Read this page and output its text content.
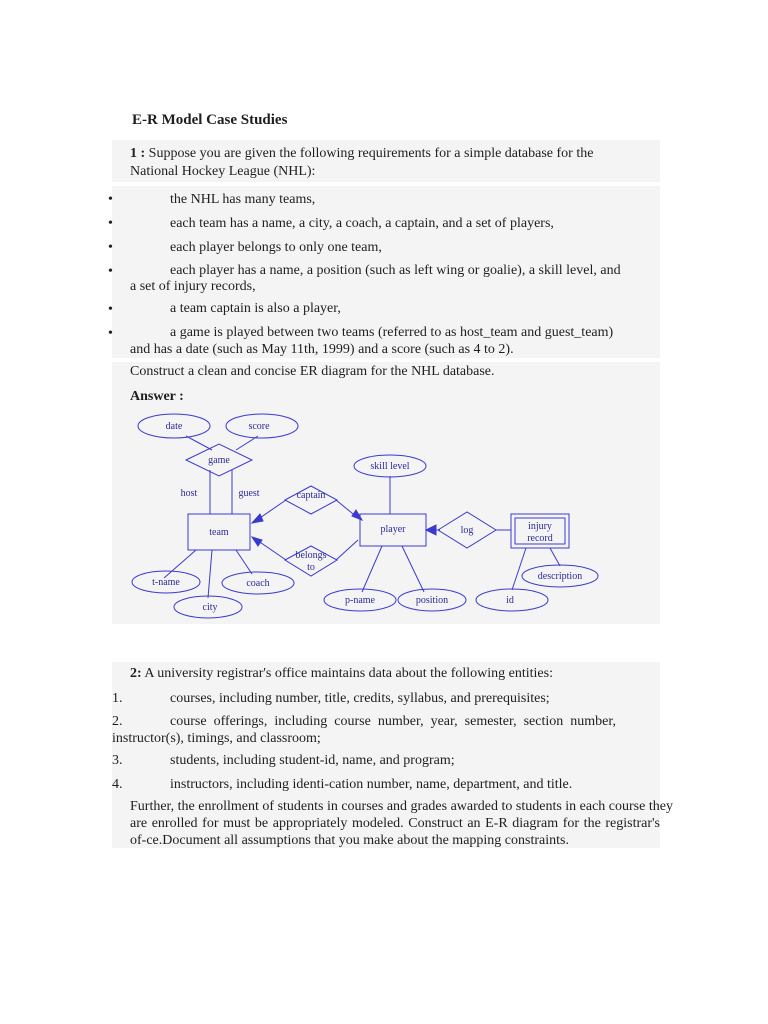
E-R Model Case Studies
1 : Suppose you are given the following requirements for a simple database for the
National Hockey League (NHL):
•	the NHL has many teams,
•	each team has a name, a city, a coach, a captain, and a set of players,
•	each player belongs to only one team,
•	each player has a name, a position (such as left wing or goalie), a skill level, and
a set of injury records,
•	a team captain is also a player,
•	a game is played between two teams (referred to as host_team and guest_team)
and has a date (such as May 11th, 1999) and a score (such as 4 to 2).
Construct a clean and concise ER diagram for the NHL database.
Answer :
date	score
game
skill level
host	guest	captain
team	player	log	injury
record
belongs
to
t-name	coach
description
p-name	position	id
city
2: A university registrar's office maintains data about the following entities:
1.	courses, including number, title, credits, syllabus, and prerequisites;
2.	course offerings, including course number, year, semester, section number,
instructor(s), timings, and classroom;
3.	students, including student-id, name, and program;
4.	instructors, including identi-cation number, name, department, and title.
Further, the enrollment of students in courses and grades awarded to students in each course they
are enrolled for must be appropriately modeled. Construct an E-R diagram for the registrar's
of-ce.Document all assumptions that you make about the mapping constraints.
